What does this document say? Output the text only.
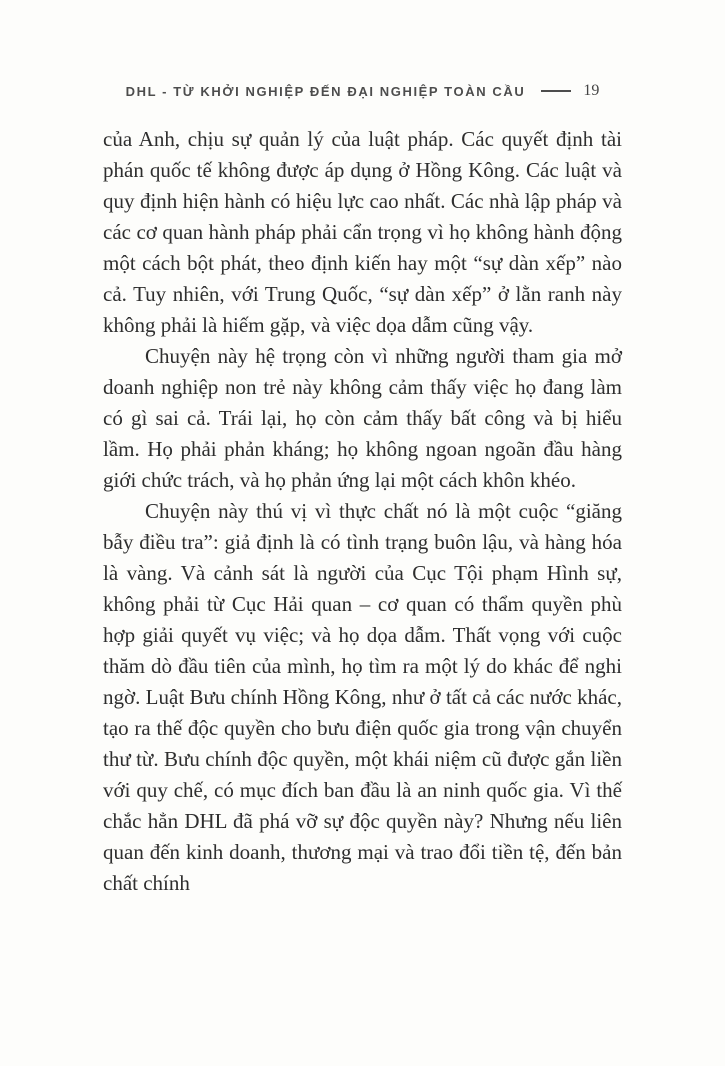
DHL - TỪ KHỞI NGHIỆP ĐẾN ĐẠI NGHIỆP TOÀN CẦU	19

của Anh, chịu sự quản lý của luật pháp. Các quyết định tài phán quốc tế không được áp dụng ở Hồng Kông. Các luật và quy định hiện hành có hiệu lực cao nhất. Các nhà lập pháp và các cơ quan hành pháp phải cẩn trọng vì họ không hành động một cách bột phát, theo định kiến hay một “sự dàn xếp” nào cả. Tuy nhiên, với Trung Quốc, “sự dàn xếp” ở lằn ranh này không phải là hiếm gặp, và việc dọa dẫm cũng vậy.

Chuyện này hệ trọng còn vì những người tham gia mở doanh nghiệp non trẻ này không cảm thấy việc họ đang làm có gì sai cả. Trái lại, họ còn cảm thấy bất công và bị hiểu lầm. Họ phải phản kháng; họ không ngoan ngoãn đầu hàng giới chức trách, và họ phản ứng lại một cách khôn khéo.

Chuyện này thú vị vì thực chất nó là một cuộc “giăng bẫy điều tra”: giả định là có tình trạng buôn lậu, và hàng hóa là vàng. Và cảnh sát là người của Cục Tội phạm Hình sự, không phải từ Cục Hải quan – cơ quan có thẩm quyền phù hợp giải quyết vụ việc; và họ dọa dẫm. Thất vọng với cuộc thăm dò đầu tiên của mình, họ tìm ra một lý do khác để nghi ngờ. Luật Bưu chính Hồng Kông, như ở tất cả các nước khác, tạo ra thế độc quyền cho bưu điện quốc gia trong vận chuyển thư từ. Bưu chính độc quyền, một khái niệm cũ được gắn liền với quy chế, có mục đích ban đầu là an ninh quốc gia. Vì thế chắc hẳn DHL đã phá vỡ sự độc quyền này? Nhưng nếu liên quan đến kinh doanh, thương mại và trao đổi tiền tệ, đến bản chất chính
